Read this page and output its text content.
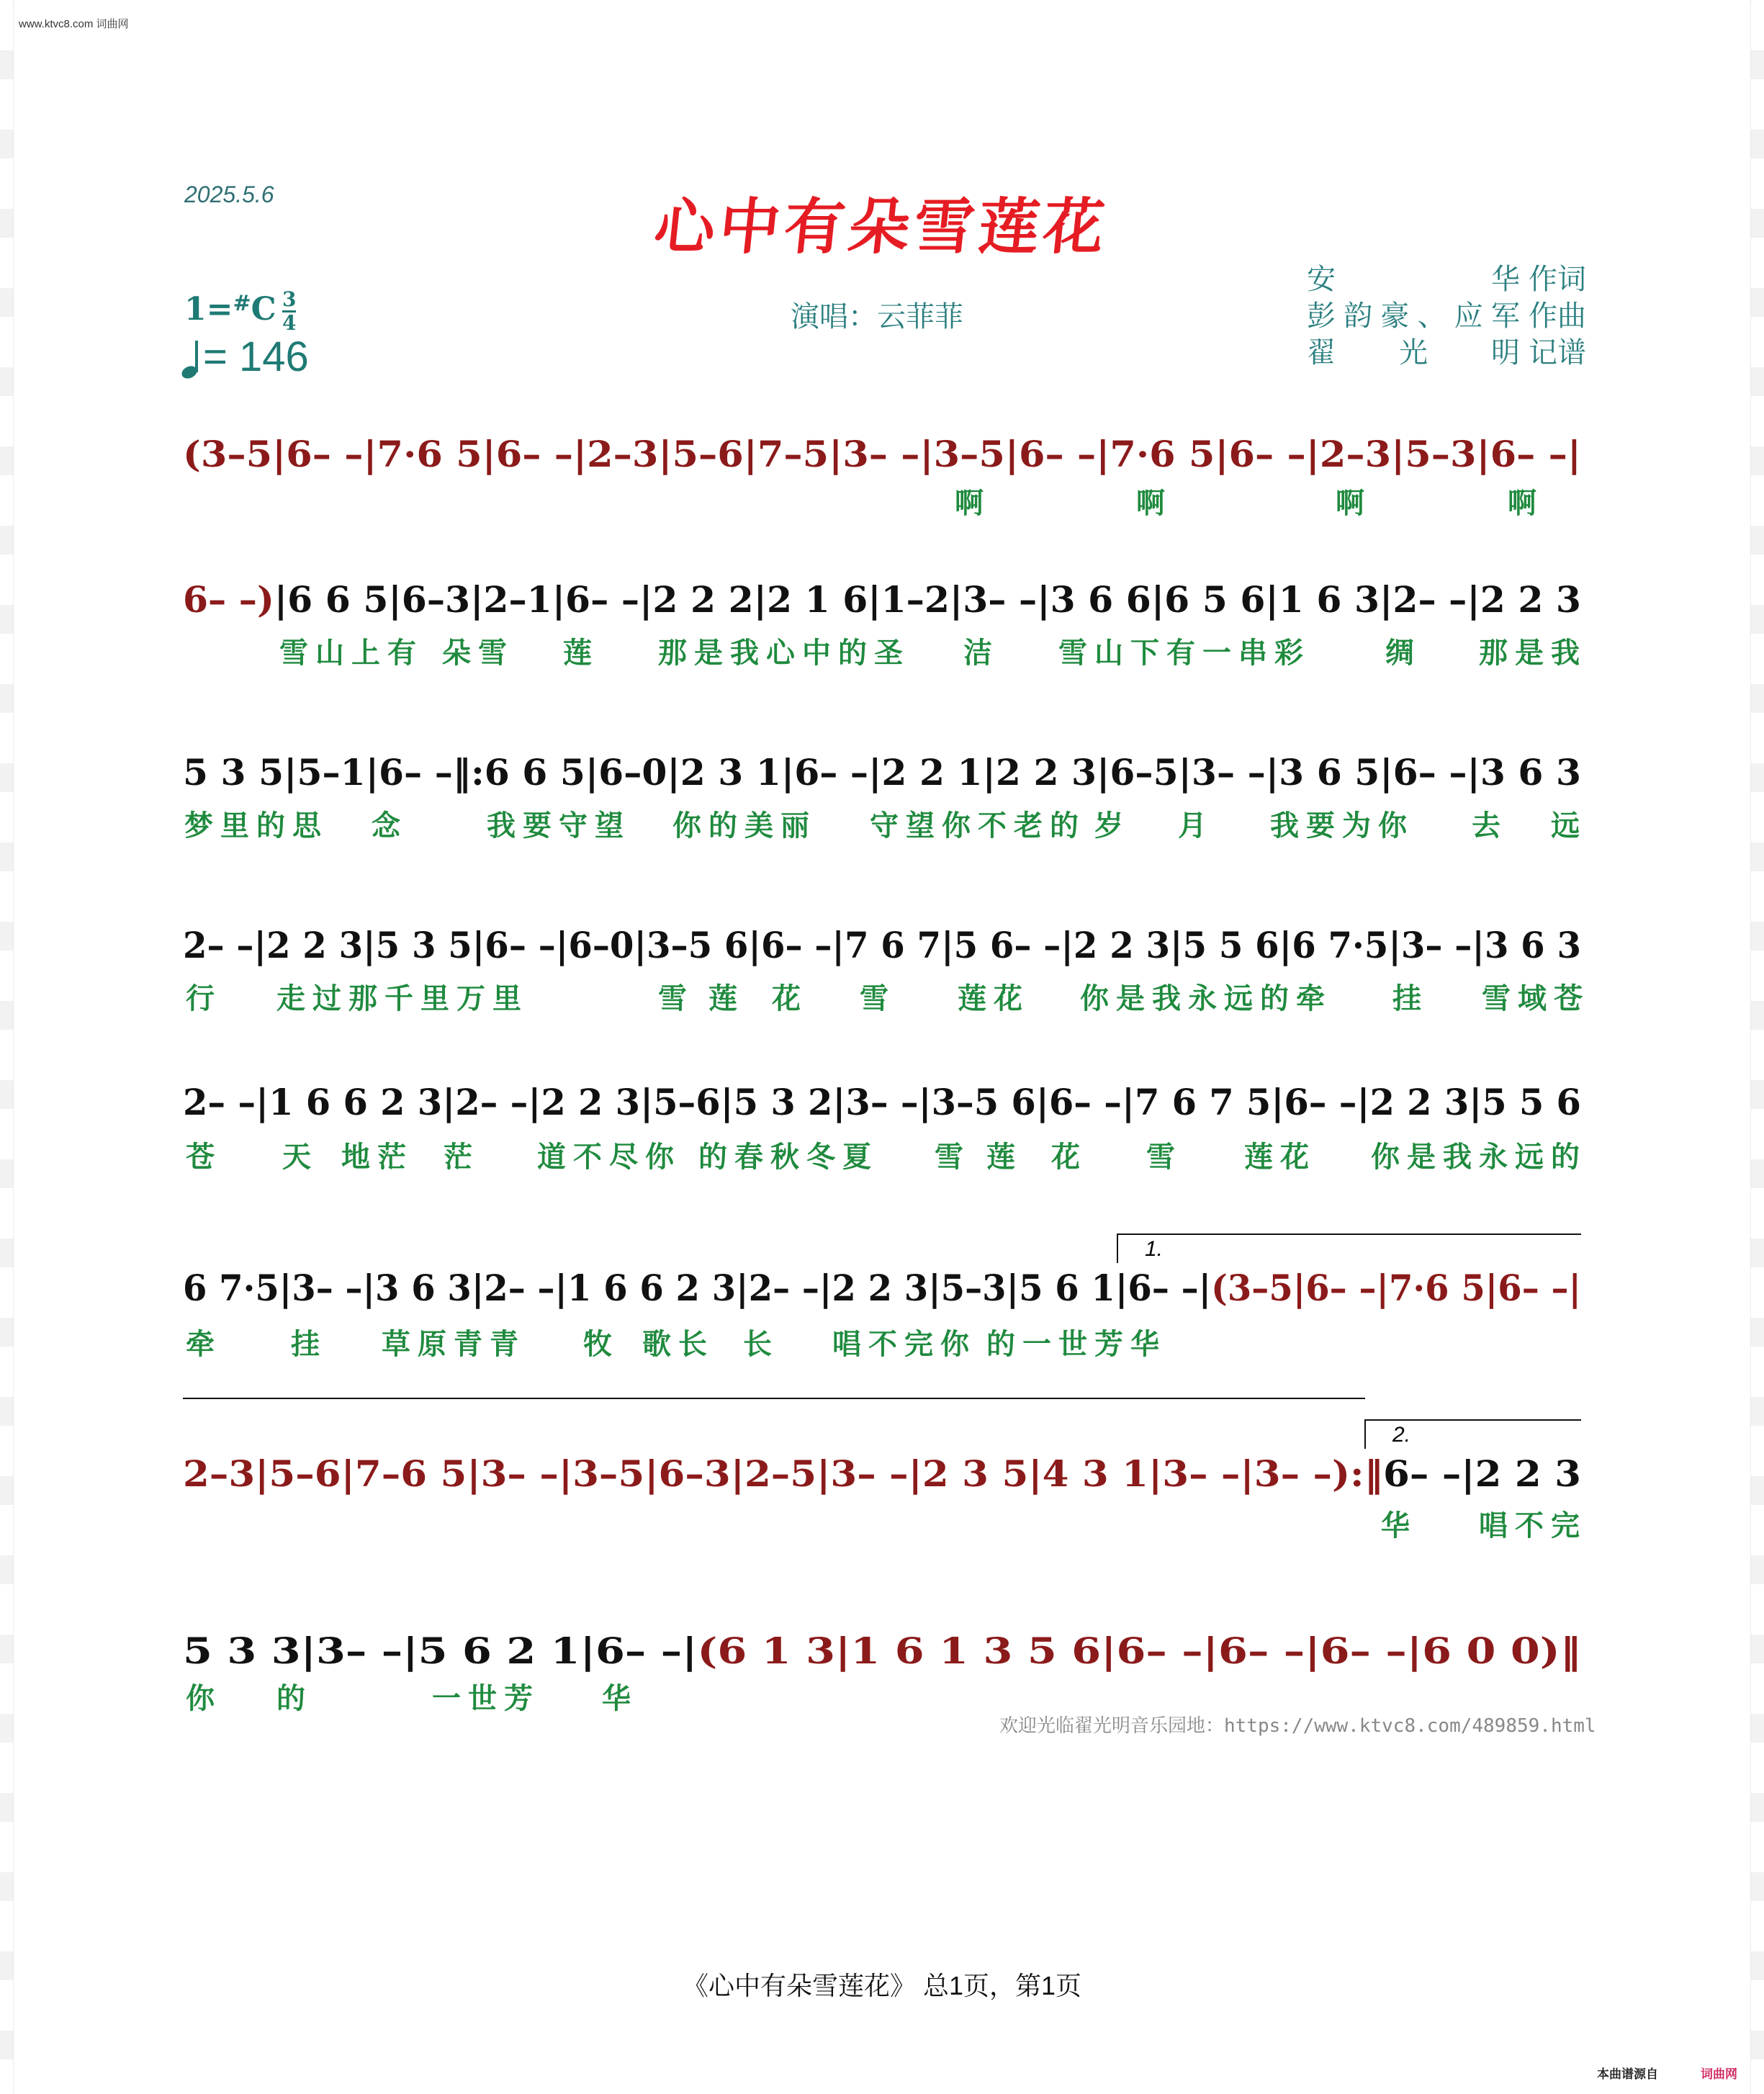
www.ktvc8.com 词曲网
2025.5.6	心中有朵雪莲花
演唱：云菲菲
安华 作词
彭韵豪、应军 作曲
翟光明 记谱
1=#C 3
4
= 146
(3–5|6– –| 7·6 5|6– –|2–3|5–6|7–5|3– –|3–5|6– –|7·6 5|6– –|2–3|5–3|6– –|
啊	啊	啊	啊
6– –)|6 6 5|6–3|2–1|6– –|2 2 2|2 1 6|1–2|3– –|3 6 6|6 5 6|1 6 3|2– –|2 2 3
雪山上有 朵雪 莲 那是我心中的圣 洁 雪山下有一串彩	绸 那是我
5 3 5|5–1|6– –‖:6 6 5|6–0|2 3 1|6– –|2 2 1|2 2 3|6–5|3– –|3 6 5|6– –|3 6 3
梦里的思 念	我要守望 你的美丽 守望你不老的 岁 月 我要为你 去 远
2– –|2 2 3|5 3 5|6– –|6–0|3–5 6|6– –|7 6 7|5 6– –|2 2 3|5 5 6|6 7·5|3– –|3 6 3
行 走过那千里万里	雪 莲 花 雪 莲花 你是我永远的牵 挂 雪域苍
2– –|1 6 6 2 3|2– –|2 2 3|5–6|5 3 2|3– –|3–5 6|6– –|7 6 7 5|6– –|2 2 3|5 5 6
苍 天 地茫 茫 道不尽你 的春秋冬夏 雪 莲 花 雪 莲花 你是我永远的
6 7·5|3– –|3 6 3|2– –|1 6 6 2 3|2– –|2 2 3|5–3|5 6 1|6– –|(3–5|6– –|7·6 5|6– –|
1.
牵 挂 草原青青 牧 歌长 长 唱不完你 的一世芳华
2–3|5–6|7–6 5|3– –|3–5|6–3|2–5|3– –|2 3 5|4 3 1|3– –|3– –):‖ 6– –|2 2 3
2.
华 唱不完
5 3 3|3– –|5 6 2 1|6– –| (6 1 3|1 6 1 3 5 6|6– –|6– –|6– –|6 0 0)‖
你 的	一世芳 华
欢迎光临翟光明音乐园地：https://www.ktvc8.com/489859.html
《心中有朵雪莲花》 总1页，第1页
本曲谱源自	词曲网
